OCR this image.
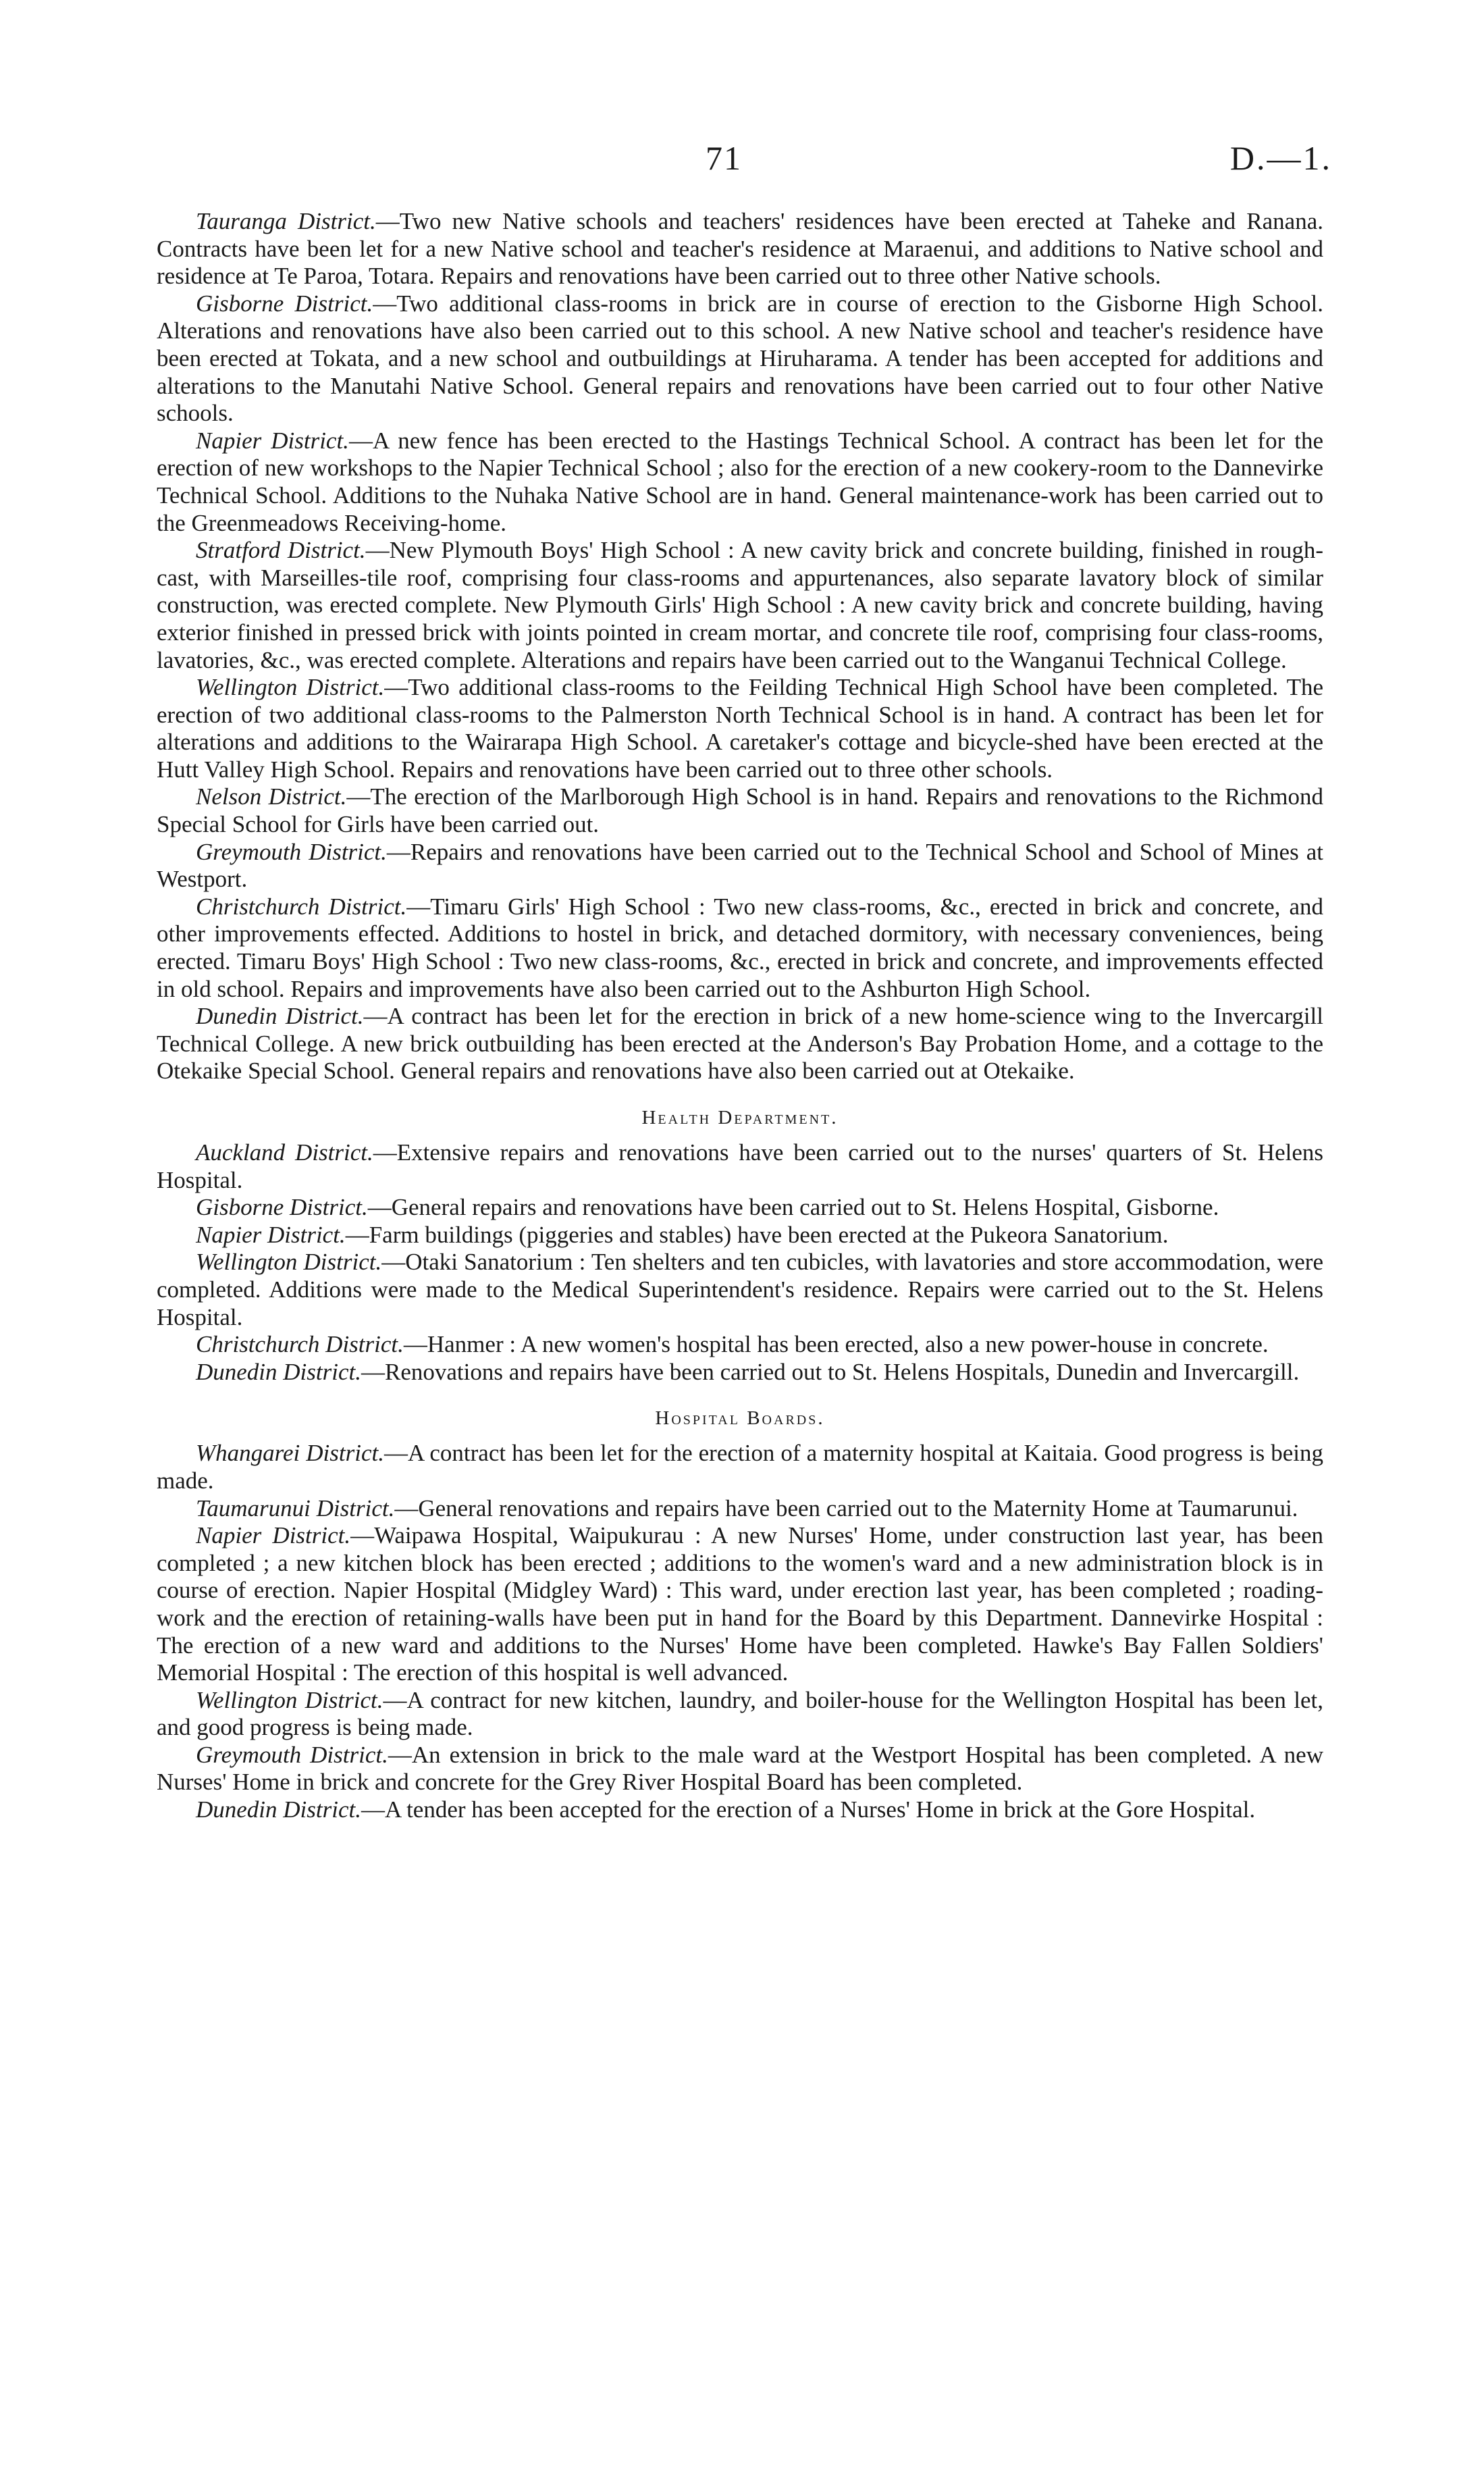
71	D.—1.

Tauranga District.—Two new Native schools and teachers' residences have been erected at Taheke and Ranana. Contracts have been let for a new Native school and teacher's residence at Maraenui, and additions to Native school and residence at Te Paroa, Totara. Repairs and renovations have been carried out to three other Native schools.

Gisborne District.—Two additional class-rooms in brick are in course of erection to the Gisborne High School. Alterations and renovations have also been carried out to this school. A new Native school and teacher's residence have been erected at Tokata, and a new school and outbuildings at Hiruharama. A tender has been accepted for additions and alterations to the Manutahi Native School. General repairs and renovations have been carried out to four other Native schools.

Napier District.—A new fence has been erected to the Hastings Technical School. A contract has been let for the erection of new workshops to the Napier Technical School ; also for the erection of a new cookery-room to the Dannevirke Technical School. Additions to the Nuhaka Native School are in hand. General maintenance-work has been carried out to the Greenmeadows Receiving-home.

Stratford District.—New Plymouth Boys' High School : A new cavity brick and concrete building, finished in rough-cast, with Marseilles-tile roof, comprising four class-rooms and appurtenances, also separate lavatory block of similar construction, was erected complete. New Plymouth Girls' High School : A new cavity brick and concrete building, having exterior finished in pressed brick with joints pointed in cream mortar, and concrete tile roof, comprising four class-rooms, lavatories, &c., was erected complete. Alterations and repairs have been carried out to the Wanganui Technical College.

Wellington District.—Two additional class-rooms to the Feilding Technical High School have been completed. The erection of two additional class-rooms to the Palmerston North Technical School is in hand. A contract has been let for alterations and additions to the Wairarapa High School. A caretaker's cottage and bicycle-shed have been erected at the Hutt Valley High School. Repairs and renovations have been carried out to three other schools.

Nelson District.—The erection of the Marlborough High School is in hand. Repairs and renovations to the Richmond Special School for Girls have been carried out.

Greymouth District.—Repairs and renovations have been carried out to the Technical School and School of Mines at Westport.

Christchurch District.—Timaru Girls' High School : Two new class-rooms, &c., erected in brick and concrete, and other improvements effected. Additions to hostel in brick, and detached dormitory, with necessary conveniences, being erected. Timaru Boys' High School : Two new class-rooms, &c., erected in brick and concrete, and improvements effected in old school. Repairs and improvements have also been carried out to the Ashburton High School.

Dunedin District.—A contract has been let for the erection in brick of a new home-science wing to the Invercargill Technical College. A new brick outbuilding has been erected at the Anderson's Bay Probation Home, and a cottage to the Otekaike Special School. General repairs and renovations have also been carried out at Otekaike.

Health Department.

Auckland District.—Extensive repairs and renovations have been carried out to the nurses' quarters of St. Helens Hospital.

Gisborne District.—General repairs and renovations have been carried out to St. Helens Hospital, Gisborne.

Napier District.—Farm buildings (piggeries and stables) have been erected at the Pukeora Sanatorium.

Wellington District.—Otaki Sanatorium : Ten shelters and ten cubicles, with lavatories and store accommodation, were completed. Additions were made to the Medical Superintendent's residence. Repairs were carried out to the St. Helens Hospital.

Christchurch District.—Hanmer : A new women's hospital has been erected, also a new power-house in concrete.

Dunedin District.—Renovations and repairs have been carried out to St. Helens Hospitals, Dunedin and Invercargill.

Hospital Boards.

Whangarei District.—A contract has been let for the erection of a maternity hospital at Kaitaia. Good progress is being made.

Taumarunui District.—General renovations and repairs have been carried out to the Maternity Home at Taumarunui.

Napier District.—Waipawa Hospital, Waipukurau : A new Nurses' Home, under construction last year, has been completed ; a new kitchen block has been erected ; additions to the women's ward and a new administration block is in course of erection. Napier Hospital (Midgley Ward) : This ward, under erection last year, has been completed ; roading-work and the erection of retaining-walls have been put in hand for the Board by this Department. Dannevirke Hospital : The erection of a new ward and additions to the Nurses' Home have been completed. Hawke's Bay Fallen Soldiers' Memorial Hospital : The erection of this hospital is well advanced.

Wellington District.—A contract for new kitchen, laundry, and boiler-house for the Wellington Hospital has been let, and good progress is being made.

Greymouth District.—An extension in brick to the male ward at the Westport Hospital has been completed. A new Nurses' Home in brick and concrete for the Grey River Hospital Board has been completed.

Dunedin District.—A tender has been accepted for the erection of a Nurses' Home in brick at the Gore Hospital.
